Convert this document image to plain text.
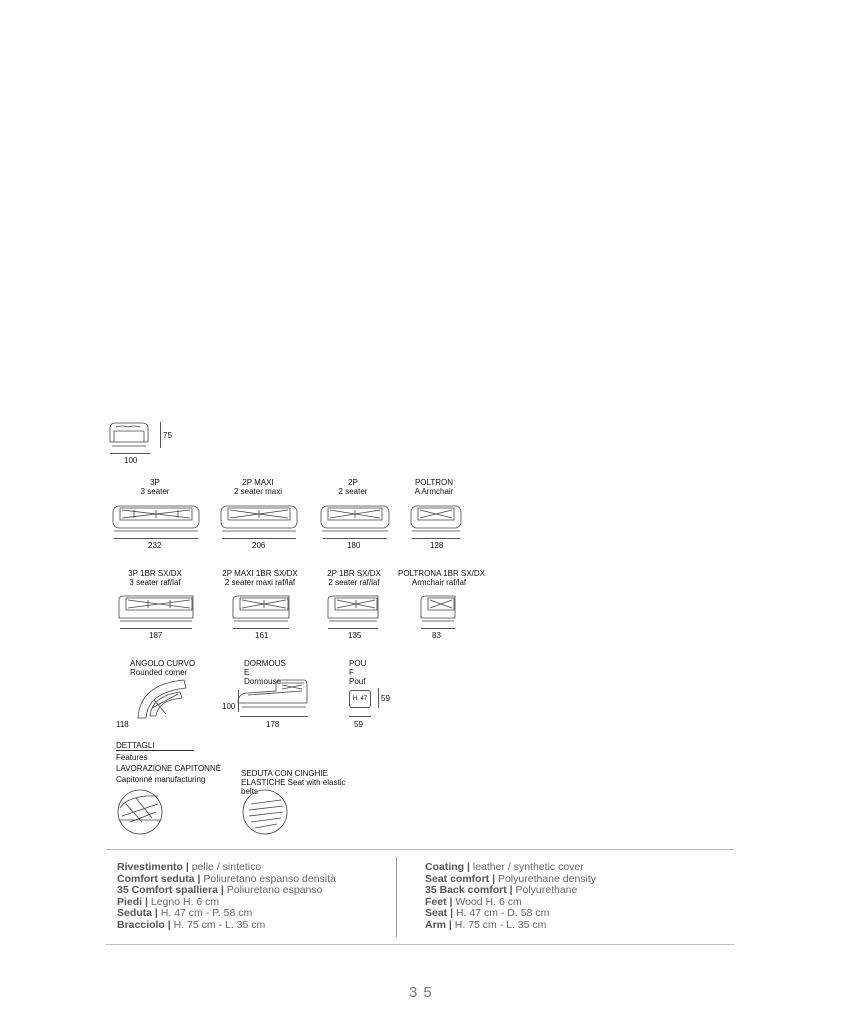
75
100
3P
3 seater
232
2P MAXI
2 seater maxi
206
2P
2 seater
180
POLTRON
A Armchair
128
3P 1BR SX/DX
3 seater raf/laf
187
2P MAXI 1BR SX/DX
2 seater maxi raf/laf
161
2P 1BR SX/DX
2 seater raf/laf
135
POLTRONA 1BR SX/DX
Armchair raf/laf
83
ANGOLO CURVO
Rounded corner
118
DORMOUS
E
Dormouse
100
178
POU
F
Pouf
H. 47	59
59
DETTAGLI
Features
LAVORAZIONE CAPITONNÈ
Capitonnè manufacturing
SEDUTA CON CINGHIE
ELASTICHE Seat with elastic
belts
Rivestimento | pelle / sintetico
Comfort seduta | Poliuretano espanso densità
35 Comfort spalliera | Poliuretano espanso
Piedi | Legno H. 6 cm
Seduta | H. 47 cm - P. 58 cm
Bracciolo | H. 75 cm - L. 35 cm
Coating | leather / synthetic cover
Seat comfort | Polyurethane density
35 Back comfort | Polyurethane
Feet | Wood H. 6 cm
Seat | H. 47 cm - D. 58 cm
Arm | H. 75 cm - L. 35 cm
35
